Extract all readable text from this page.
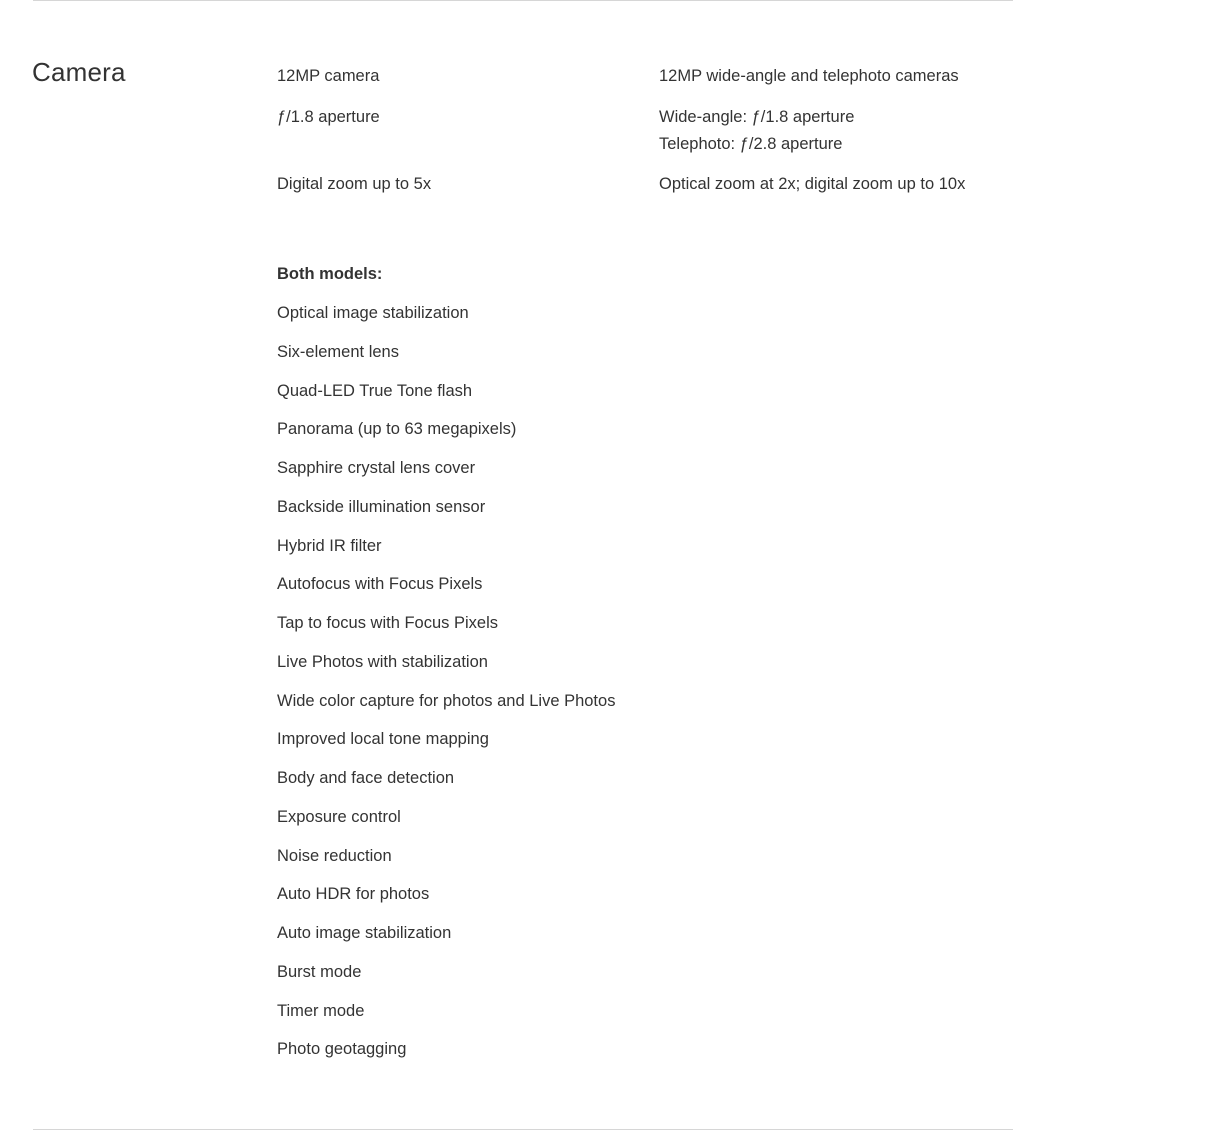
Camera	12MP camera
ƒ/1.8 aperture
Digital zoom up to 5x
12MP wide-angle and telephoto cameras
Wide-angle: ƒ/1.8 aperture
Telephoto: ƒ/2.8 aperture
Optical zoom at 2x; digital zoom up to 10x
Both models:
Optical image stabilization
Six-element lens
Quad-LED True Tone flash
Panorama (up to 63 megapixels)
Sapphire crystal lens cover
Backside illumination sensor
Hybrid IR filter
Autofocus with Focus Pixels
Tap to focus with Focus Pixels
Live Photos with stabilization
Wide color capture for photos and Live Photos
Improved local tone mapping
Body and face detection
Exposure control
Noise reduction
Auto HDR for photos
Auto image stabilization
Burst mode
Timer mode
Photo geotagging
